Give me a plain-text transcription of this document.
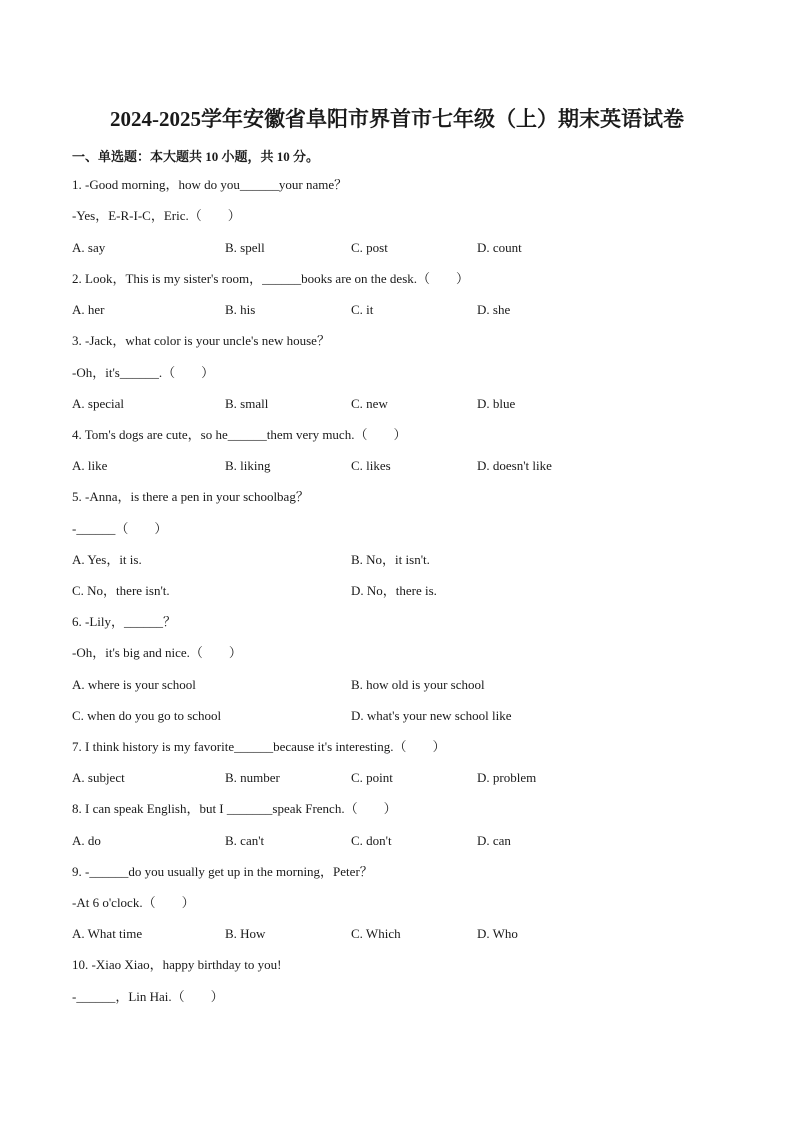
2024-2025学年安徽省阜阳市界首市七年级（上）期末英语试卷
一、单选题：本大题共 10 小题，共 10 分。
1. -Good morning，how do you______your name？
-Yes，E-R-I-C，Eric.（　　）
A. say	B. spell	C. post	D. count
2. Look，This is my sister's room，______books are on the desk.（　　）
A. her	B. his	C. it	D. she
3. -Jack，what color is your uncle's new house？
-Oh，it's______.（　　）
A. special	B. small	C. new	D. blue
4. Tom's dogs are cute，so he______them very much.（　　）
A. like	B. liking	C. likes	D. doesn't like
5. -Anna，is there a pen in your schoolbag？
-______（　　）
A. Yes，it is.	B. No，it isn't.
C. No，there isn't.	D. No，there is.
6. -Lily，______？
-Oh，it's big and nice.（　　）
A. where is your school	B. how old is your school
C. when do you go to school	D. what's your new school like
7. I think history is my favorite______because it's interesting.（　　）
A. subject	B. number	C. point	D. problem
8. I can speak English，but I _______speak French.（　　）
A. do	B. can't	C. don't	D. can
9. -______do you usually get up in the morning，Peter？
-At 6 o'clock.（　　）
A. What time	B. How	C. Which	D. Who
10. -Xiao Xiao，happy birthday to you!
-______，Lin Hai.（　　）
